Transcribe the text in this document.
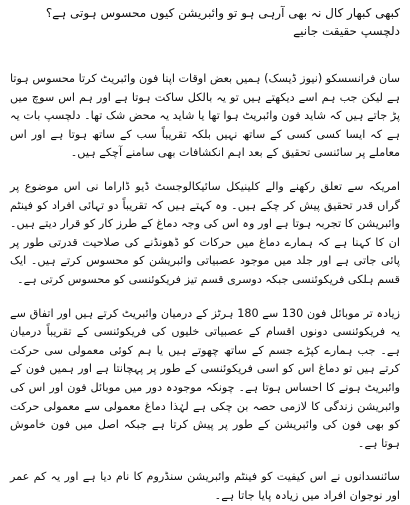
کبھی کبھار کال نہ بھی آرہی ہو تو وائبریشن کیوں محسوس ہوتی ہے؟ دلچسپ حقیقت جانیے

سان فرانسسکو (نیوز ڈیسک) ہمیں بعض اوقات اپنا فون وائبریٹ کرتا محسوس ہوتا ہے لیکن جب ہم اسے دیکھتے ہیں تو یہ بالکل ساکت ہوتا ہے اور ہم اس سوچ میں پڑ جاتے ہیں کہ شاید فون وائبریٹ ہوا تھا یا شاید یہ محض شک تھا۔ دلچسپ بات یہ ہے کہ ایسا کسی کسی کے ساتھ نہیں بلکہ تقریباً سب کے ساتھ ہوتا ہے اور اس معاملے پر سائنسی تحقیق کے بعد اہم انکشافات بھی سامنے آچکے ہیں۔

امریکہ سے تعلق رکھنے والے کلینیکل سائیکالوجسٹ ڈیو ڈاراما نی اس موضوع پر گراں قدر تحقیق پیش کر چکے ہیں۔ وہ کہتے ہیں کہ تقریباً دو تہائی افراد کو فینٹم وائبریشن کا تجربہ ہوتا ہے اور وہ اس کی وجہ دماغ کے طرز کار کو قرار دیتے ہیں۔ ان کا کہنا ہے کہ ہمارے دماغ میں حرکات کو ڈھونڈنے کی صلاحیت قدرتی طور پر پائی جاتی ہے اور جلد میں موجود عصبیاتی وائبریشن کو محسوس کرتے ہیں۔ ایک قسم ہلکی فریکوئنسی جبکہ دوسری قسم تیز فریکوئنسی کو محسوس کرتی ہے۔

زیادہ تر موبائل فون 130 سے 180 ہرٹز کے درمیان وائبریٹ کرتے ہیں اور اتفاق سے یہ فریکوئنسی دونوں اقسام کے عصبیاتی خلیوں کی فریکوئنسی کے تقریباً درمیان ہے۔ جب ہمارے کپڑے جسم کے ساتھ چھوتے ہیں یا ہم کوئی معمولی سی حرکت کرتے ہیں تو دماغ اس کو اسی فریکوئنسی کے طور پر پہچانتا ہے اور ہمیں فون کے وائبریٹ ہونے کا احساس ہوتا ہے۔ چونکہ موجودہ دور میں موبائل فون اور اس کی وائبریشن زندگی کا لازمی حصہ بن چکی ہے لہٰذا دماغ معمولی سے معمولی حرکت کو بھی فون کی وائبریشن کے طور پر پیش کرتا ہے جبکہ اصل میں فون خاموش ہوتا ہے۔

سائنسدانوں نے اس کیفیت کو فینٹم وائبریشن سنڈروم کا نام دیا ہے اور یہ کم عمر اور نوجوان افراد میں زیادہ پایا جاتا ہے۔
